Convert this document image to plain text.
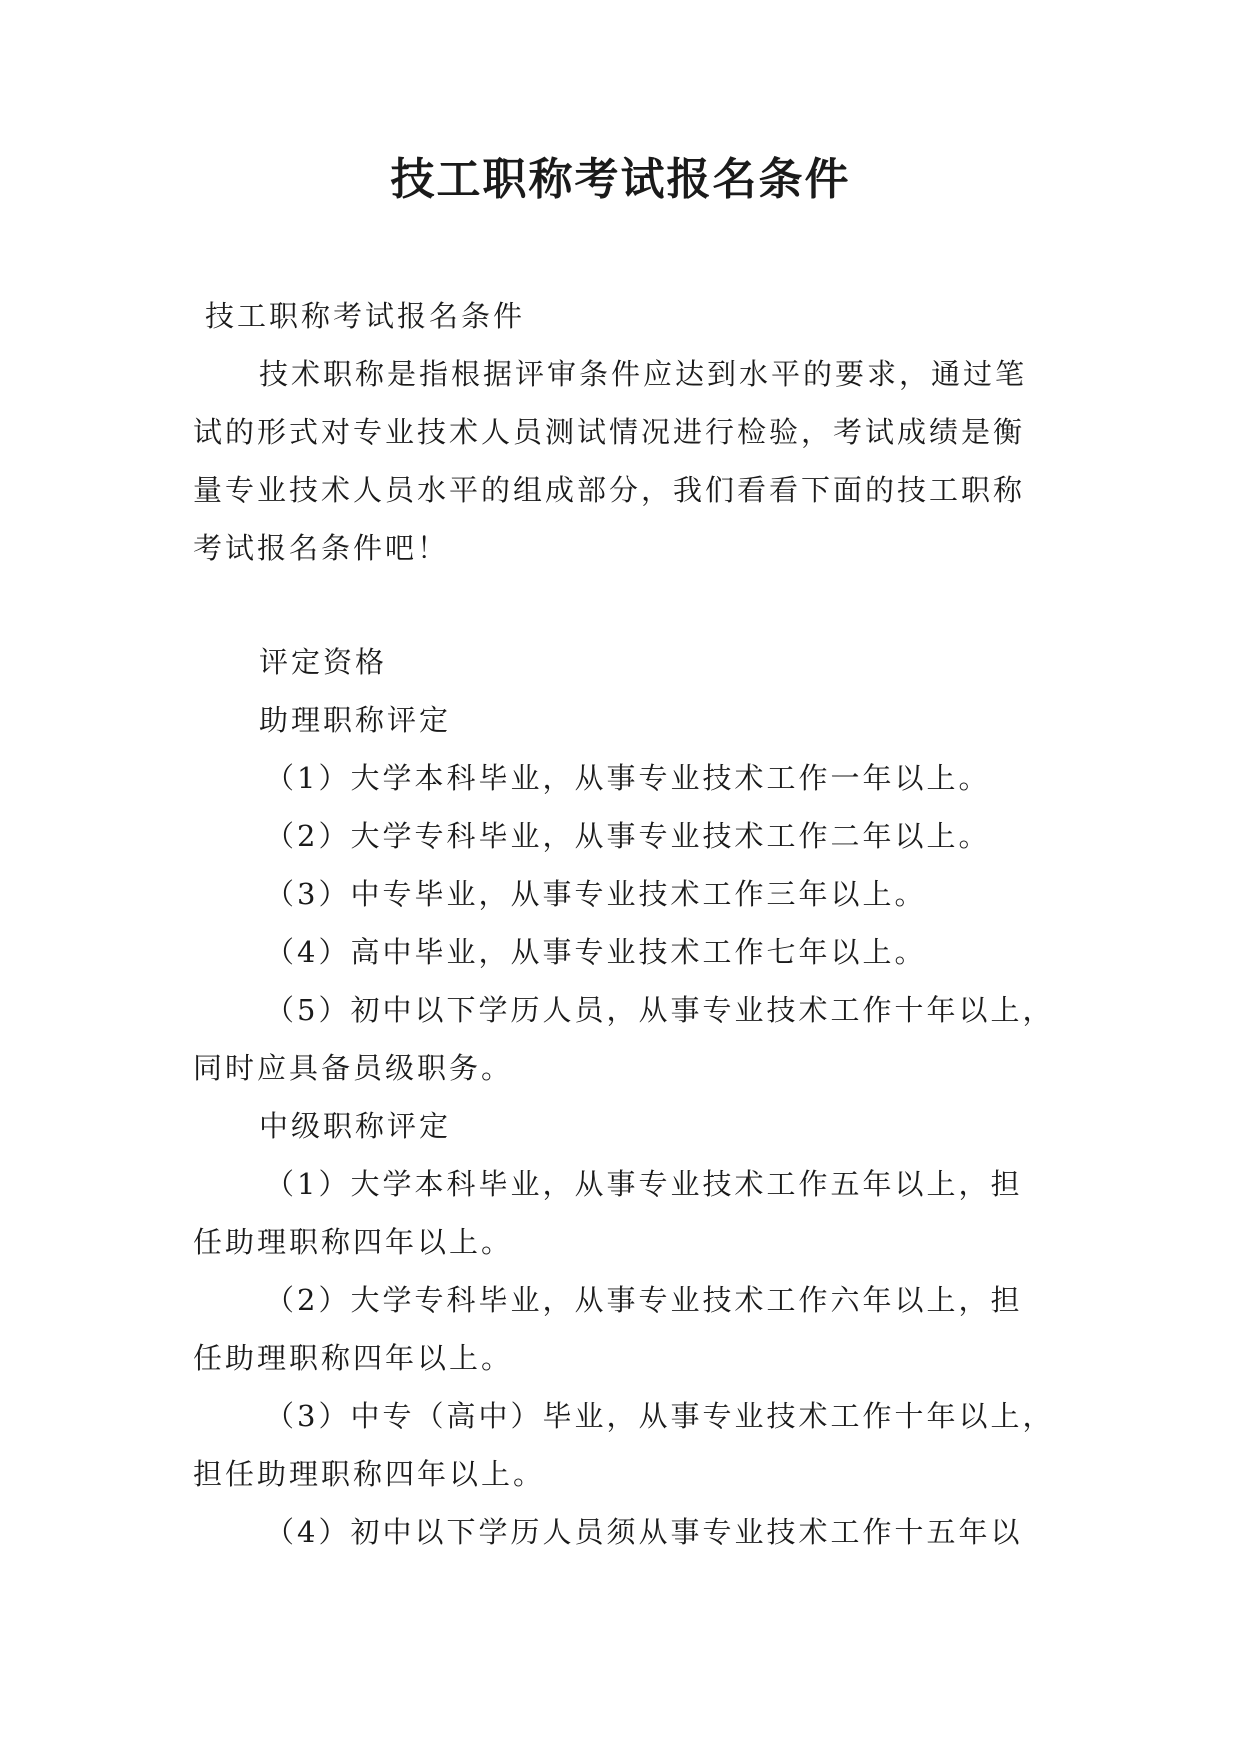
技工职称考试报名条件
技工职称考试报名条件
技术职称是指根据评审条件应达到水平的要求，通过笔
试的形式对专业技术人员测试情况进行检验，考试成绩是衡
量专业技术人员水平的组成部分，我们看看下面的技工职称
考试报名条件吧！
评定资格
助理职称评定
（1）大学本科毕业，从事专业技术工作一年以上。
（2）大学专科毕业，从事专业技术工作二年以上。
（3）中专毕业，从事专业技术工作三年以上。
（4）高中毕业，从事专业技术工作七年以上。
（5）初中以下学历人员，从事专业技术工作十年以上，
同时应具备员级职务。
中级职称评定
（1）大学本科毕业，从事专业技术工作五年以上，担
任助理职称四年以上。
（2）大学专科毕业，从事专业技术工作六年以上，担
任助理职称四年以上。
（3）中专（高中）毕业，从事专业技术工作十年以上，
担任助理职称四年以上。
（4）初中以下学历人员须从事专业技术工作十五年以
